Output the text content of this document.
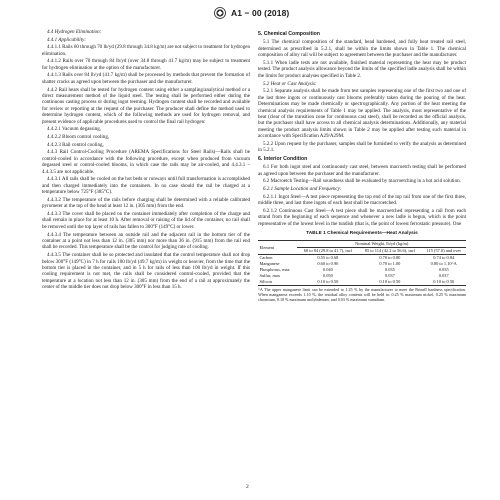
A1 − 00 (2018)

4.4 Hydrogen Elimination:

4.4.1 Applicability:

4.4.1.1 Rails 60 through 70 lb/yd (29.8 through 34.8 kg/m) are not subject to treatment for hydrogen elimination.

4.4.1.2 Rails over 70 through 84 lb/yd (over 34.8 through 41.7 kg/m) may be subject to treatment for hydrogen elimination at the option of the manufacturer.

4.4.1.3 Rails over 84 lb/yd (41.7 kg/m) shall be processed by methods that prevent the formation of shatter cracks as agreed upon between the purchaser and the manufacturer.

4.4.2 Rail heats shall be tested for hydrogen content using either a sampling/analytical method or a direct measurement method of the liquid steel. The testing shall be performed either during the continuous casting process or during ingot teeming. Hydrogen content shall be recorded and available for review or reporting at the request of the purchaser. The producer shall define the method used to determine hydrogen content, which of the following methods are used for hydrogen removal, and present evidence of applicable procedures used to control the final rail hydrogen:

4.4.2.1 Vacuum degassing,

4.4.2.2 Bloom control cooling,

4.4.2.3 Rail control cooling,

4.4.3 Rail Control-Cooling Procedure (AREMA Specifications for Steel Rails)—Rails shall be control-cooled in accordance with the following procedure, except when produced from vacuum degassed steel or control-cooled blooms, in which case the rails may be air-cooled, and 4.4.3.1 – 4.4.3.5 are not applicable.

4.4.3.1 All rails shall be cooled on the hot beds or runways until full transformation is accomplished and then charged immediately into the containers. In no case should the rail be charged at a temperature below 725°F (385°C).

4.4.3.2 The temperature of the rails before charging shall be determined with a reliable calibrated pyrometer at the top of the head at least 12 in. (305 mm) from the end.

4.4.3.3 The cover shall be placed on the container immediately after completion of the charge and shall remain in place for at least 10 h. After removal or raising of the lid of the container, no rail shall be removed until the top layer of rails has fallen to 300°F (149°C) or lower.

4.4.3.4 The temperature between an outside rail and the adjacent rail in the bottom tier of the container at a point not less than 12 in. (305 mm) nor more than 36 in. (915 mm) from the rail end shall be recorded. This temperature shall be the control for judging rate of cooling.

4.4.3.5 The container shall be so protected and insulated that the control temperature shall not drop below 300°F (149°C) in 7 h for rails 100 lb/yd (49.7 kg/m) in weight or heavier, from the time that the bottom tier is placed in the container, and in 5 h for rails of less than 100 lb/yd in weight. If this cooling requirement is not met, the rails shall be considered control-cooled, provided that the temperature at a location not less than 12 in. (305 mm) from the end of a rail at approximately the center of the middle tier does not drop below 300°F in less than 15 h.

5. Chemical Composition

5.1 The chemical composition of the standard, head hardened, and fully heat treated rail steel, determined as prescribed in 5.2.1, shall be within the limits shown in Table 1. The chemical composition of alloy rail will be subject to agreement between the purchaser and the manufacturer.

5.1.1 When ladle tests are not available, finished material representing the heat may be product tested. The product analysis allowance beyond the limits of the specified ladle analysis shall be within the limits for product analyses specified in Table 2.

5.2 Heat or Cast Analysis:

5.2.1 Separate analysis shall be made from test samples representing one of the first two and one of the last three ingots or continuously cast blooms preferably taken during the pouring of the heat. Determinations may be made chemically or spectrographically. Any portion of the heat meeting the chemical analysis requirements of Table 1 may be applied. The analysis, most representative of the heat (clear of the transition zone for continuous cast steel), shall be recorded as the official analysis, but the purchaser shall have access to all chemical analysis determinations. Additionally, any material meeting the product analysis limits shown in Table 2 may be applied after testing such material in accordance with Specification A29/A29M.

5.2.2 Upon request by the purchaser, samples shall be furnished to verify the analysis as determined in 5.2.1.

6. Interior Condition

6.1 For both ingot steel and continuously cast steel, between macroetch testing shall be performed as agreed upon between the purchaser and the manufacturer.

6.2 Macroetch Testing—Rail soundness shall be evaluated by macroetching in a hot acid solution.

6.2.1 Sample Location and Frequency:

6.2.1.1 Ingot Steel—A test piece representing the top end of the top rail from one of the first three, middle three, and last three ingots of each heat shall be macroetched.

6.2.1.2 Continuous Cast Steel—A test piece shall be macroetched representing a rail from each strand from the beginning of each sequence and whenever a new ladle is begun, which is the point representative of the lowest level in the tundish (that is, the point of lowest ferrostatic pressure). One

TABLE 1 Chemical Requirements—Heat Analysis
Element	Nominal Weight, lb/yd (kg/m)		
	60 to 84 (29.8 to 41.7), incl	85 to 114 (42.2 to 56.6), incl	115 (57.0) and over
Carbon	0.55 to 0.68	0.70 to 0.80	0.74 to 0.84
Manganese	0.60 to 0.90	0.70 to 1.00	0.80 to 1.10^A
Phosphorus, max	0.040	0.035	0.035
Sulfur, max	0.050	0.037	0.037
Silicon	0.10 to 0.50	0.10 to 0.50	0.10 to 0.50
^A The upper manganese limit can be extended to 1.25 % by the manufacturer to meet the Brinell hardness specification. When manganese exceeds 1.10 %, the residual alloy contents will be held to: 0.25 % maximum nickel, 0.25 % maximum chromium, 0.10 % maximum molybdenum, and 0.03 % maximum vanadium.
2
